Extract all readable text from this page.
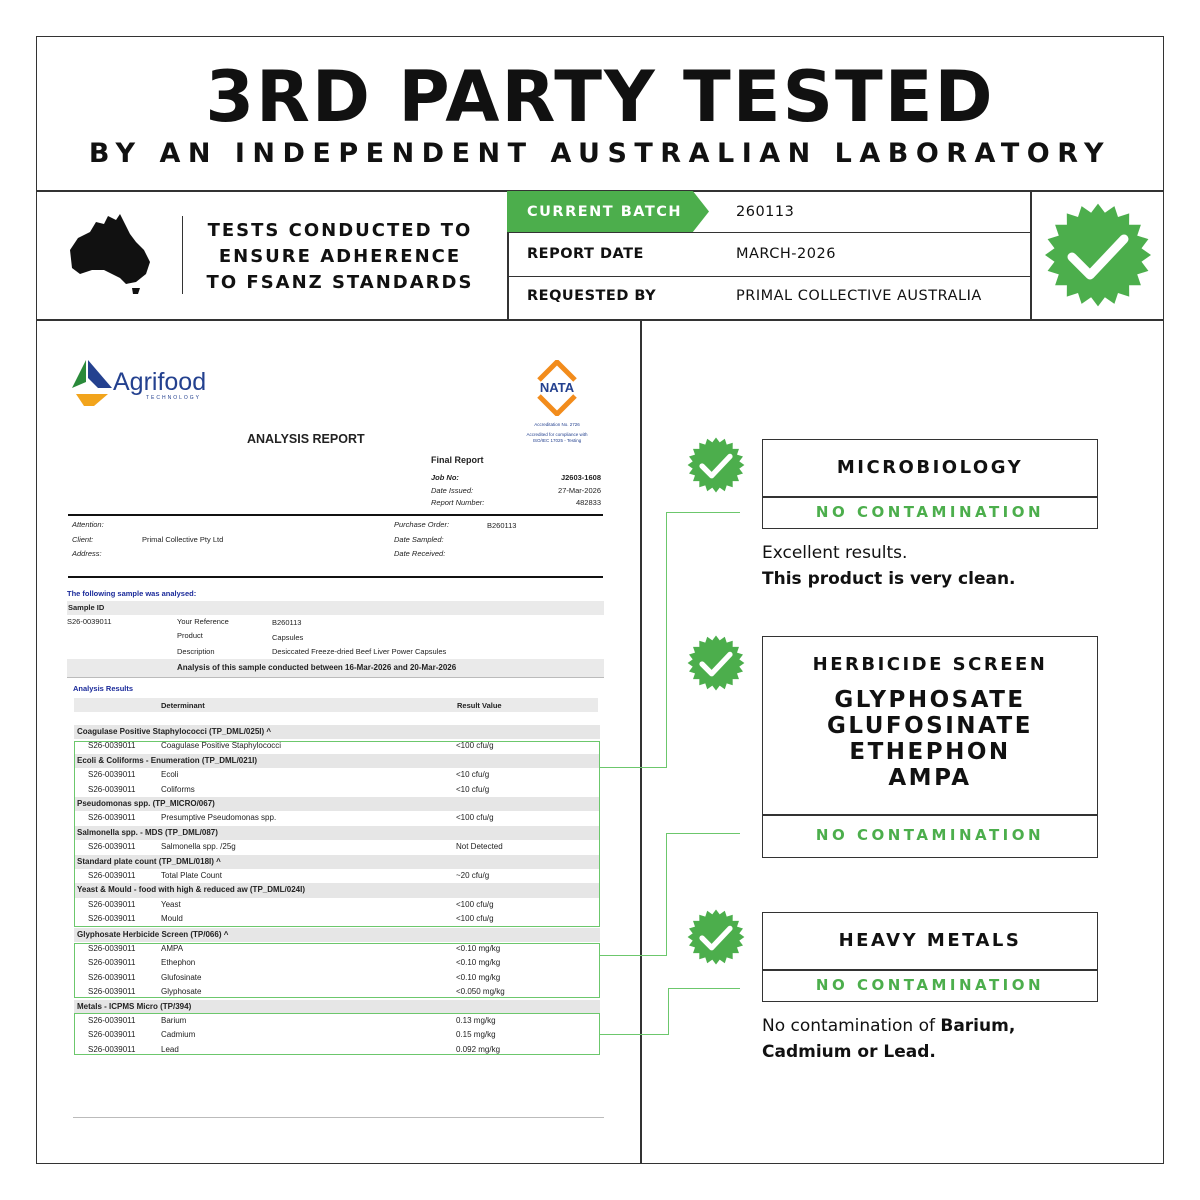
3RD PARTY TESTED
BY AN INDEPENDENT AUSTRALIAN LABORATORY
TESTS CONDUCTED TO
ENSURE ADHERENCE
TO FSANZ STANDARDS
CURRENT BATCH	260113
REPORT DATE	MARCH-2026
REQUESTED BY	PRIMAL COLLECTIVE AUSTRALIA
Agrifood
TECHNOLOGY
NATA
Accreditation No. 2726
Accredited for compliance with
ISO/IEC 17025 - Testing
ANALYSIS REPORT
Final Report
Job No:	J2603-1608
Date Issued:	27-Mar-2026
Report Number:	482833
Attention:
Client:	Primal Collective Pty Ltd
Address:
Purchase Order:	B260113
Date Sampled:
Date Received:
The following sample was analysed:
Sample ID
S26-0039011	Your Reference	B260113
Product	Capsules
Description	Desiccated Freeze-dried Beef Liver Power Capsules
Analysis of this sample conducted between 16-Mar-2026 and 20-Mar-2026
Analysis Results
Determinant	Result Value
Coagulase Positive Staphylococci (TP_DML/025I) ^
S26-0039011	Coagulase Positive Staphylococci	<100 cfu/g
Ecoli & Coliforms - Enumeration (TP_DML/021I)
S26-0039011	Ecoli	<10 cfu/g
S26-0039011	Coliforms	<10 cfu/g
Pseudomonas spp. (TP_MICRO/067)
S26-0039011	Presumptive Pseudomonas spp.	<100 cfu/g
Salmonella spp. - MDS (TP_DML/087)
S26-0039011	Salmonella spp. /25g	Not Detected
Standard plate count (TP_DML/018I) ^
S26-0039011	Total Plate Count	~20 cfu/g
Yeast & Mould - food with high & reduced aw (TP_DML/024I)
S26-0039011	Yeast	<100 cfu/g
S26-0039011	Mould	<100 cfu/g
Glyphosate Herbicide Screen (TP/066) ^
S26-0039011	AMPA	<0.10 mg/kg
S26-0039011	Ethephon	<0.10 mg/kg
S26-0039011	Glufosinate	<0.10 mg/kg
S26-0039011	Glyphosate	<0.050 mg/kg
Metals - ICPMS Micro (TP/394)
S26-0039011	Barium	0.13 mg/kg
S26-0039011	Cadmium	0.15 mg/kg
S26-0039011	Lead	0.092 mg/kg
MICROBIOLOGY
NO CONTAMINATION
Excellent results.
This product is very clean.
HERBICIDE SCREEN
GLYPHOSATE
GLUFOSINATE
ETHEPHON
AMPA
NO CONTAMINATION
HEAVY METALS
NO CONTAMINATION
No contamination of Barium,
Cadmium or Lead.
